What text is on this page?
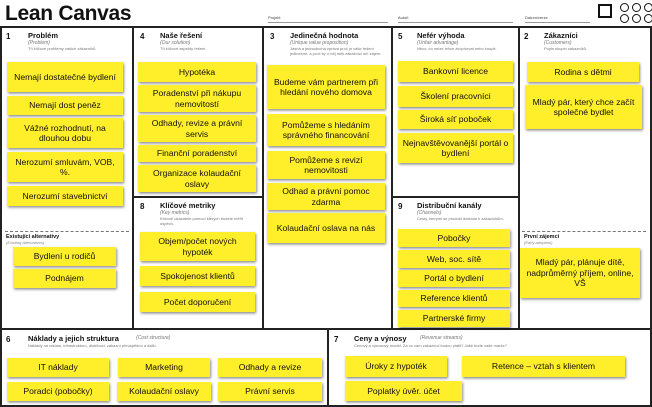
Lean Canvas	Projekt	Autoři	Datum/verze
1 Problém
(Problem)
Tři klíčové problémy vašich zákazníků.
Nemají dostatečné bydlení
Nemají dost peněz
Vážné rozhodnutí, na dlouhou dobu
Nerozumí smluvám, VOB, %.
Nerozumí stavebnictví
Existující alternativy
(Existing alternatives)
Bydlení u rodičů
Podnájem
4 Naše řešení
(Our solution)
Tři klíčové aspekty řešení.
Hypotéka
Poradenství při nákupu nemovitostí
Odhady, revize a právní servis
Finanční poradenství
Organizace kolaudační oslavy
8 Klíčové metriky
(Key metrics)
Klíčové ukazatele pomocí kterých budete měřit úspěch.
Objem/počet nových hypoték
Spokojenost klientů
Počet doporučení
3 Jedinečná hodnota
(Unique value proposition)
Jasná a jednoduchá zpráva proč je váše řešení jedinečné, a proč by o něj měli zákazníci mít zájem.
Budeme vám partnerem při hledání nového domova
Pomůžeme s hledáním správného financování
Pomůžeme s revizí nemovitosti
Odhad a právní pomoc zdarma
Kolaudační oslava na nás
5 Nefér výhoda
(Unfair advantage)
Něco, co nelze lehce zkopírovat nebo koupit.
Bankovní licence
Školení pracovníci
Široká síť poboček
Nejnavštěvovanější portál o bydlení
9 Distribuční kanály
(Channels)
Cesty, kterými se produkt dostane k zákazníkům.
Pobočky
Web, soc. sítě
Portál o bydlení
Reference klientů
Partnerské firmy
2 Zákazníci
(Customers)
Popis skupin zákazníků.
Rodina s dětmi
Mladý pár, který chce začít společné bydlet
První zájemci
(Early adopters)
Mladý pár, plánuje dítě, nadprůměrný příjem, online, VŠ
6 Náklady a jejich struktura	(Cost structure)
Náklady na reklam, infrastrukturu, distribuci, zákazní přeúspěšno a další.
IT náklady	Marketing	Odhady a revize
Poradci (pobočky)	Kolaudační oslavy	Právní servis
7 Ceny a výnosy	(Revenue streams)
Cenový a výnosový model. Za co vám zákazníci budou platit? Jaké bude vaše marže?
Úroky z hypoték	Retence – vztah s klientem
Poplatky úvěr. účet
